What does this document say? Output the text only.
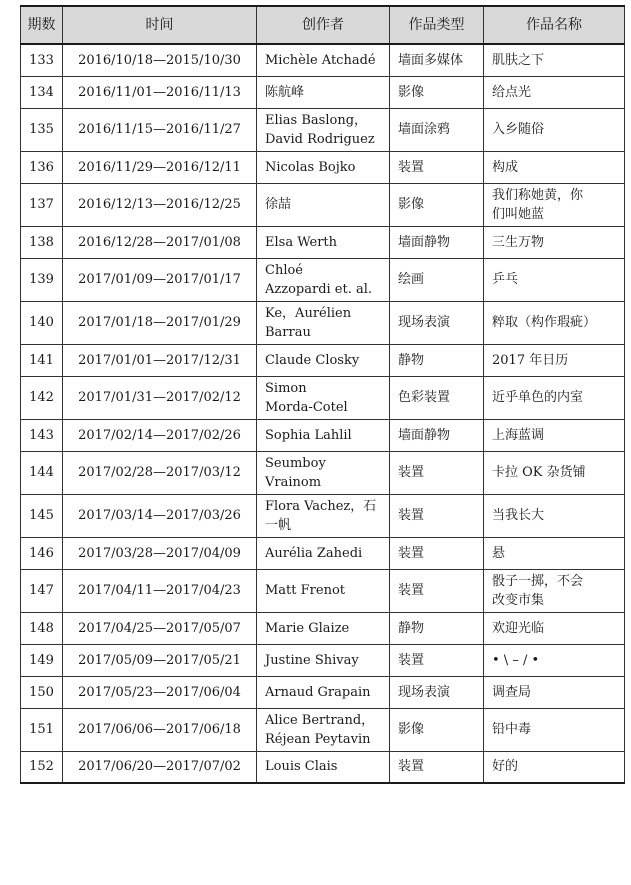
期数	时间	创作者	作品类型	作品名称
133	2016/10/18—2015/10/30	Michèle Atchadé	墙面多媒体	肌肤之下

134	2016/11/01—2016/11/13	陈航峰	影像	给点光

135	2016/11/15—2016/11/27	Elias Baslong，
David Rodriguez	墙面涂鸦	入乡随俗

136	2016/11/29—2016/12/11	Nicolas Bojko	装置	构成

137	2016/12/13—2016/12/25	徐喆	影像	我们称她黄，你
们叫她蓝

138	2016/12/28—2017/01/08	Elsa Werth	墙面静物	三生万物

139	2017/01/09—2017/01/17	Chloé
Azzopardi et. al.	绘画	乒乓

140	2017/01/18—2017/01/29	Ke，Aurélien
Barrau	现场表演	粹取（构作瑕疵）

141	2017/01/01—2017/12/31	Claude Closky	静物	2017 年日历

142	2017/01/31—2017/02/12	Simon
Morda-Cotel	色彩装置	近乎单色的内室

143	2017/02/14—2017/02/26	Sophia Lahlil	墙面静物	上海蓝调

144	2017/02/28—2017/03/12	Seumboy
Vrainom	装置	卡拉 OK 杂货铺

145	2017/03/14—2017/03/26	Flora Vachez，石
一帆	装置	当我长大

146	2017/03/28—2017/04/09	Aurélia Zahedi	装置	悬

147	2017/04/11—2017/04/23	Matt Frenot	装置	骰子一掷，不会
改变市集

148	2017/04/25—2017/05/07	Marie Glaize	静物	欢迎光临

149	2017/05/09—2017/05/21	Justine Shivay	装置	• \ – / •

150	2017/05/23—2017/06/04	Arnaud Grapain	现场表演	调查局

151	2017/06/06—2017/06/18	Alice Bertrand，
Réjean Peytavin	影像	铅中毒

152	2017/06/20—2017/07/02	Louis Clais	装置	好的
